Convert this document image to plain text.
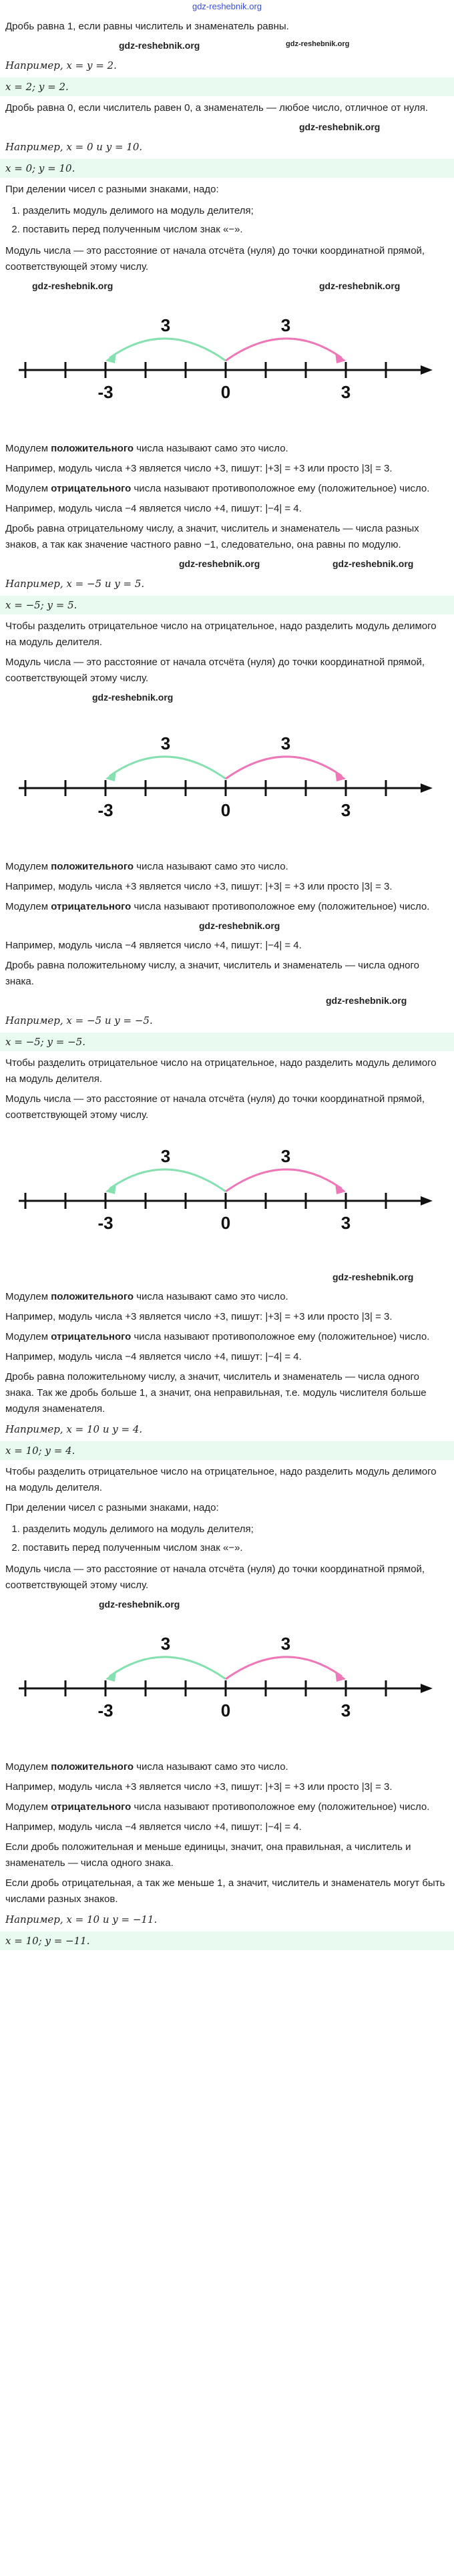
gdz-reshebnik.org

Дробь равна 1, если равны числитель и знаменатель равны.

gdz-reshebnik.org	gdz-reshebnik.org

Например, x = y = 2.

x = 2; y = 2.

Дробь равна 0, если числитель равен 0, а знаменатель — любое число, отличное от нуля.

gdz-reshebnik.org

Например, x = 0 и y = 10.

x = 0; y = 10.

При делении чисел с разными знаками, надо:

1. разделить модуль делимого на модуль делителя;
2. поставить перед полученным числом знак «−».

Модуль числа — это расстояние от начала отсчёта (нуля) до точки координатной прямой, соответствующей этому числу.

gdz-reshebnik.org	gdz-reshebnik.org
3	3
-3	0	3

Модулем положительного числа называют само это число.

Например, модуль числа +3 является число +3, пишут: |+3| = +3 или просто |3| = 3.

Модулем отрицательного числа называют противоположное ему (положительное) число.

Например, модуль числа −4 является число +4, пишут: |−4| = 4.

Дробь равна отрицательному числу, а значит, числитель и знаменатель — числа разных знаков, а так как значение частного равно −1, следовательно, она равны по модулю.

gdz-reshebnik.org	gdz-reshebnik.org

Например, x = −5 и y = 5.

x = −5; y = 5.

Чтобы разделить отрицательное число на отрицательное, надо разделить модуль делимого на модуль делителя.

Модуль числа — это расстояние от начала отсчёта (нуля) до точки координатной прямой, соответствующей этому числу.

gdz-reshebnik.org
3	3
-3	0	3

Модулем положительного числа называют само это число.

Например, модуль числа +3 является число +3, пишут: |+3| = +3 или просто |3| = 3.

Модулем отрицательного числа называют противоположное ему (положительное) число.

gdz-reshebnik.org

Например, модуль числа −4 является число +4, пишут: |−4| = 4.

Дробь равна положительному числу, а значит, числитель и знаменатель — числа одного знака.

gdz-reshebnik.org

Например, x = −5 и y = −5.

x = −5; y = −5.

Чтобы разделить отрицательное число на отрицательное, надо разделить модуль делимого на модуль делителя.

Модуль числа — это расстояние от начала отсчёта (нуля) до точки координатной прямой, соответствующей этому числу.

3	3
-3	0	3
gdz-reshebnik.org

Модулем положительного числа называют само это число.

Например, модуль числа +3 является число +3, пишут: |+3| = +3 или просто |3| = 3.

Модулем отрицательного числа называют противоположное ему (положительное) число.

Например, модуль числа −4 является число +4, пишут: |−4| = 4.

Дробь равна положительному числу, а значит, числитель и знаменатель — числа одного знака. Так же дробь больше 1, а значит, она неправильная, т.е. модуль числителя больше модуля знаменателя.

Например, x = 10 и y = 4.

x = 10; y = 4.

Чтобы разделить отрицательное число на отрицательное, надо разделить модуль делимого на модуль делителя.

При делении чисел с разными знаками, надо:

1. разделить модуль делимого на модуль делителя;
2. поставить перед полученным числом знак «−».

Модуль числа — это расстояние от начала отсчёта (нуля) до точки координатной прямой, соответствующей этому числу.

gdz-reshebnik.org
3	3
-3	0	3

Модулем положительного числа называют само это число.

Например, модуль числа +3 является число +3, пишут: |+3| = +3 или просто |3| = 3.

Модулем отрицательного числа называют противоположное ему (положительное) число.

Например, модуль числа −4 является число +4, пишут: |−4| = 4.

Если дробь положительная и меньше единицы, значит, она правильная, а числитель и знаменатель — числа одного знака.

Если дробь отрицательная, а так же меньше 1, а значит, числитель и знаменатель могут быть числами разных знаков.

Например, x = 10 и y = −11.

x = 10; y = −11.
